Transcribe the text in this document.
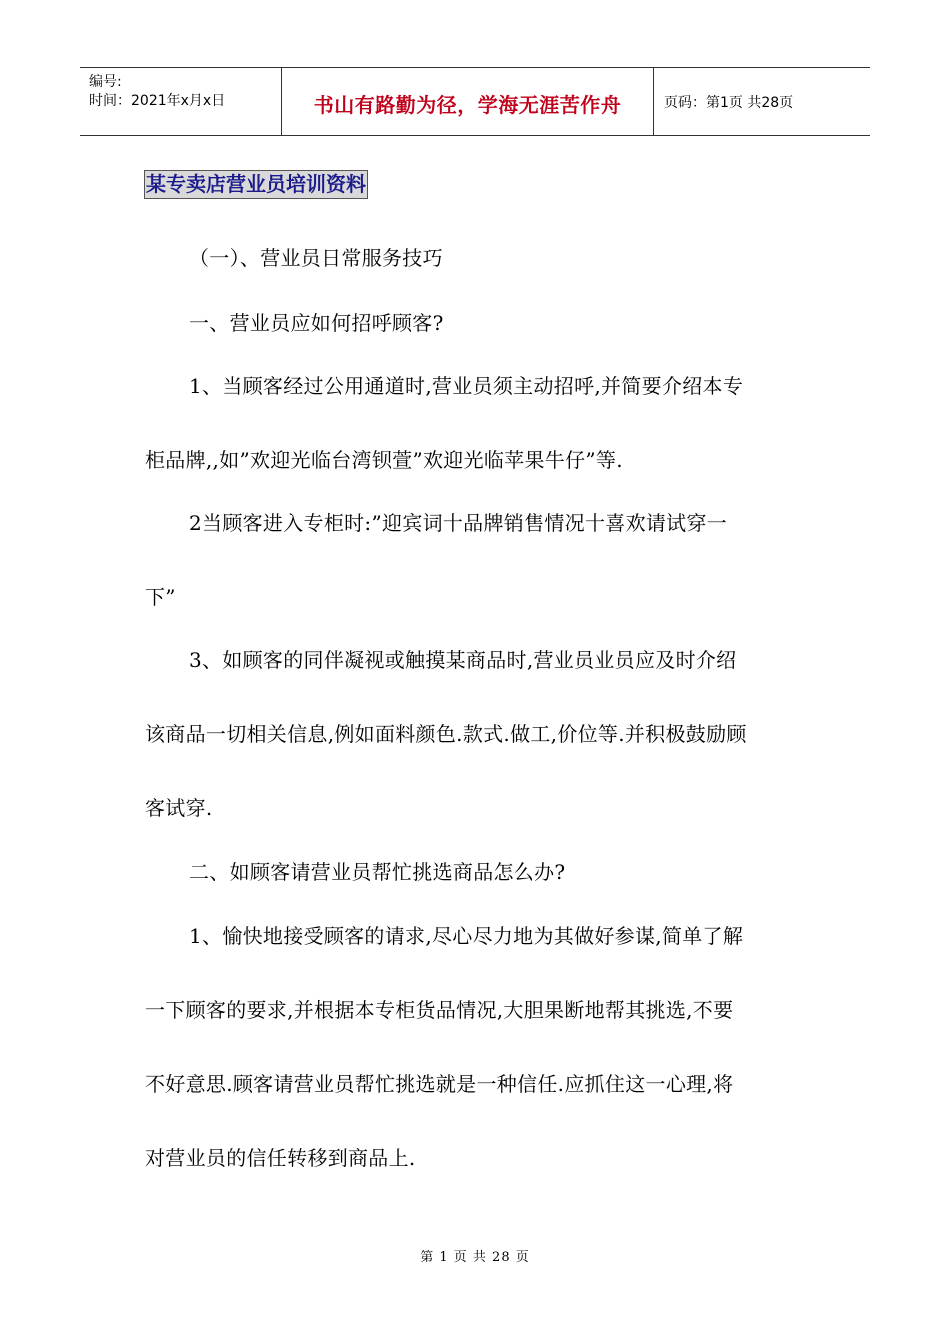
编号:
时间：2021年x月x日	书山有路勤为径，学海无涯苦作舟	页码：第1页 共28页
某专卖店营业员培训资料
（一）、营业员日常服务技巧
一、营业员应如何招呼顾客?
1、当顾客经过公用通道时,营业员须主动招呼,并简要介绍本专
柜品牌,,如”欢迎光临台湾钡萱”欢迎光临苹果牛仔”等.
2当顾客进入专柜时:”迎宾词十品牌销售情况十喜欢请试穿一
下”
3、如顾客的同伴凝视或触摸某商品时,营业员业员应及时介绍
该商品一切相关信息,例如面料颜色.款式.做工,价位等.并积极鼓励顾
客试穿.
二、如顾客请营业员帮忙挑选商品怎么办?
1、愉快地接受顾客的请求,尽心尽力地为其做好参谋,简单了解
一下顾客的要求,并根据本专柜货品情况,大胆果断地帮其挑选,不要
不好意思.顾客请营业员帮忙挑选就是一种信任.应抓住这一心理,将
对营业员的信任转移到商品上.
第 1 页 共 28 页
